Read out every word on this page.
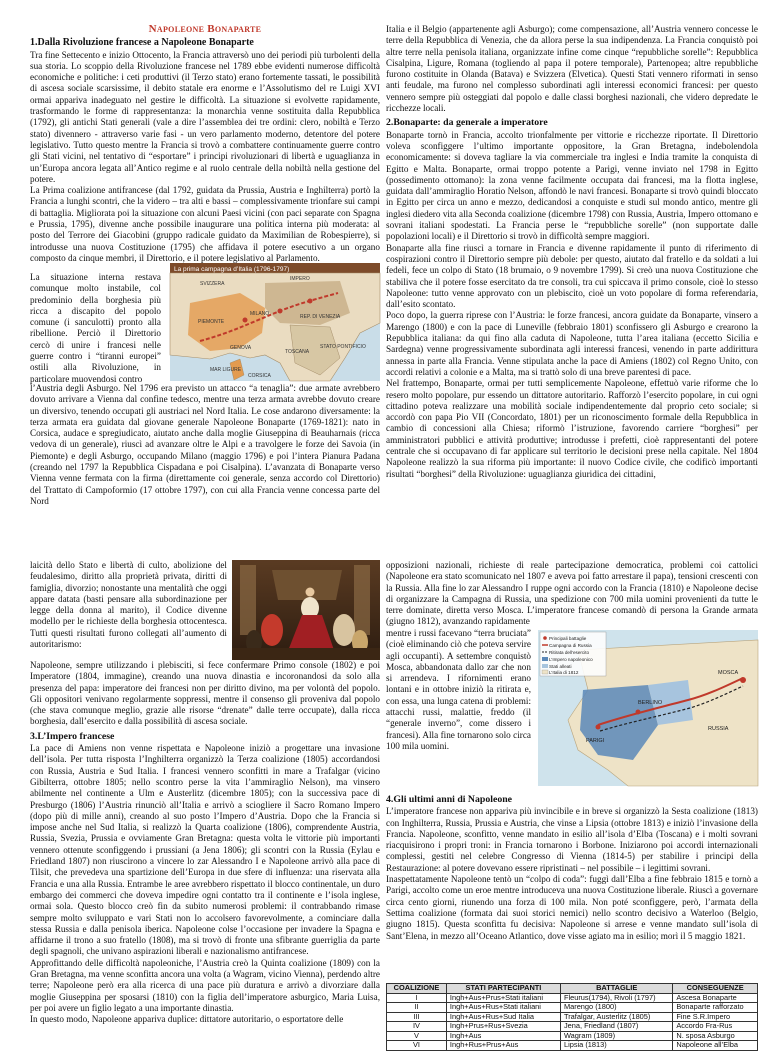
Napoleone Bonaparte
1.Dalla Rivoluzione francese a Napoleone Bonaparte

Tra fine Settecento e inizio Ottocento, la Francia attraversò uno dei periodi più turbolenti della sua storia. Lo scoppio della Rivoluzione francese nel 1789 ebbe evidenti numerose difficoltà economiche e politiche: i ceti produttivi (il Terzo stato) erano fortemente tassati, le possibilità di ascesa sociale scarsissime, il debito statale era enorme e l’Assolutismo del re Luigi XVI ormai appariva inadeguato nel gestire le difficoltà. La situazione si evolvette rapidamente, trasformando le forme di rappresentanza: la monarchia venne sostituita dalla Repubblica (1792), gli antichi Stati generali (vale a dire l’assemblea dei tre ordini: clero, nobiltà e Terzo stato) divennero - attraverso varie fasi - un vero parlamento moderno, detentore del potere legislativo. Tutto questo mentre la Francia si trovò a combattere continuamente guerre contro gli Stati vicini, nel tentativo di “esportare” i principi rivoluzionari di libertà e uguaglianza in un’Europa ancora legata all’Antico regime e al ruolo centrale della nobiltà nella gestione del potere.

La Prima coalizione antifrancese (dal 1792, guidata da Prussia, Austria e Inghilterra) portò la Francia a lunghi scontri, che la videro – tra alti e bassi – complessivamente trionfare sui campi di battaglia. Migliorata poi la situazione con alcuni Paesi vicini (con paci separate con Spagna e Prussia, 1795), divenne anche possibile inaugurare una politica interna più moderata: al posto del Terrore dei Giacobini (gruppo radicale guidato da Maximilian de Robespierre), si introdusse una nuova Costituzione (1795) che affidava il potere esecutivo a un organo composto da cinque membri, il Direttorio, e il potere legislativo al Parlamento.

La situazione interna restava comunque molto instabile, col predominio della borghesia più ricca a discapito del popolo comune (i sanculotti) pronto alla ribellione. Perciò il Direttorio cercò di unire i francesi nelle guerre contro i “tiranni europei” ostili alla Rivoluzione, in particolare muovendosi contro

La prima campagna d’Italia (1796-1797)
SVIZZERA
IMPERO
REP. DI VENEZIA
PIEMONTE
MILANO
GENOVA
MAR LIGURE
CORSICA
STATO PONTIFICIO
TOSCANA

l’Austria degli Asburgo. Nel 1796 era previsto un attacco “a tenaglia”: due armate avrebbero dovuto arrivare a Vienna dal confine tedesco, mentre una terza armata avrebbe dovuto creare un diversivo, tenendo occupati gli austriaci nel Nord Italia. Le cose andarono diversamente: la terza armata era guidata dal giovane generale Napoleone Bonaparte (1769-1821): nato in Corsica, audace e spregiudicato, aiutato anche dalla moglie Giuseppina di Beauharnais (ricca vedova di un generale), riuscì ad avanzare oltre le Alpi e a travolgere le forze dei Savoia (in Piemonte) e degli Asburgo, occupando Milano (maggio 1796) e poi l’intera Pianura Padana (creando nel 1797 la Repubblica Cispadana e poi Cisalpina). L’avanzata di Bonaparte verso Vienna venne fermata con la firma (direttamente coi generale, senza accordo col Direttorio) del Trattato di Campoformio (17 ottobre 1797), con cui alla Francia venne concessa parte del Nord

Italia e il Belgio (appartenente agli Asburgo); come compensazione, all’Austria vennero concesse le terre della Repubblica di Venezia, che da allora perse la sua indipendenza. La Francia conquistò poi altre terre nella penisola italiana, organizzate infine come cinque “repubbliche sorelle”: Repubblica Cisalpina, Ligure, Romana (togliendo al papa il potere temporale), Partenopea; altre repubbliche furono costituite in Olanda (Batava) e Svizzera (Elvetica). Questi Stati vennero riformati in senso anti feudale, ma furono nel complesso subordinati agli interessi economici francesi: per questo vennero sempre più osteggiati dal popolo e dalle classi borghesi nazionali, che videro depredate le ricchezze locali.

2.Bonaparte: da generale a imperatore

Bonaparte tornò in Francia, accolto trionfalmente per vittorie e ricchezze riportate. Il Direttorio voleva sconfiggere l’ultimo importante oppositore, la Gran Bretagna, indebolendola economicamente: si doveva tagliare la via commerciale tra inglesi e India tramite la conquista di Egitto e Malta. Bonaparte, ormai troppo potente a Parigi, venne inviato nel 1798 in Egitto (possedimento ottomano): la zona venne facilmente occupata dai francesi, ma la flotta inglese, guidata dall’ammiraglio Horatio Nelson, affondò le navi francesi. Bonaparte si trovò quindi bloccato in Egitto per circa un anno e mezzo, dedicandosi a conquiste e studi sul mondo antico, mentre gli inglesi diedero vita alla Seconda coalizione (dicembre 1798) con Russia, Austria, Impero ottomano e sovrani italiani spodestati. La Francia perse le “repubbliche sorelle” (non supportate dalle popolazioni locali) e il Direttorio si trovò in difficoltà sempre maggiori.

Bonaparte alla fine riuscì a tornare in Francia e divenne rapidamente il punto di riferimento di cospirazioni contro il Direttorio sempre più debole: per questo, aiutato dal fratello e da soldati a lui fedeli, fece un colpo di Stato (18 brumaio, o 9 novembre 1799). Si creò una nuova Costituzione che stabiliva che il potere fosse esercitato da tre consoli, tra cui spiccava il primo console, cioè lo stesso Napoleone: tutto venne approvato con un plebiscito, cioè un voto popolare di forma referendaria, dall’esito scontato.

Poco dopo, la guerra riprese con l’Austria: le forze francesi, ancora guidate da Bonaparte, vinsero a Marengo (1800) e con la pace di Luneville (febbraio 1801) sconfissero gli Asburgo e crearono la Repubblica italiana: da qui fino alla caduta di Napoleone, tutta l’area italiana (eccetto Sicilia e Sardegna) venne progressivamente subordinata agli interessi francesi, venendo in parte addirittura annessa in parte alla Francia. Venne stipulata anche la pace di Amiens (1802) col Regno Unito, con accordi relativi a colonie e a Malta, ma si trattò solo di una breve parentesi di pace.

Nel frattempo, Bonaparte, ormai per tutti semplicemente Napoleone, effettuò varie riforme che lo resero molto popolare, pur essendo un dittatore autoritario. Rafforzò l’esercito popolare, in cui ogni cittadino poteva realizzare una mobilità sociale indipendentemente dal proprio ceto sociale; si accordò con papa Pio VII (Concordato, 1801) per un riconoscimento formale della Repubblica in cambio di concessioni alla Chiesa; riformò l’istruzione, favorendo carriere “borghesi” per amministratori pubblici e attività produttive; introdusse i prefetti, cioè rappresentanti del potere centrale che si occupavano di far applicare sul territorio le decisioni prese nella capitale. Nel 1804 Napoleone realizzò la sua riforma più importante: il nuovo Codice civile, che codificò importanti risultati “borghesi” della Rivoluzione: uguaglianza giuridica dei cittadini,

laicità dello Stato e libertà di culto, abolizione del feudalesimo, diritto alla proprietà privata, diritti di famiglia, divorzio; nonostante una mentalità che oggi appare datata (basti pensare alla subordinazione per legge della donna al marito), il Codice divenne modello per le richieste della borghesia ottocentesca. Tutti questi risultati furono collegati all’aumento di autoritarismo:

Napoleone, sempre utilizzando i plebisciti, si fece confermare Primo console (1802) e poi Imperatore (1804, immagine), creando una nuova dinastia e incoronandosi da solo alla presenza del papa: imperatore dei francesi non per diritto divino, ma per volontà del popolo. Gli oppositori venivano regolarmente soppressi, mentre il consenso gli proveniva dal popolo (che stava comunque meglio, grazie alle risorse “drenate” dalle terre occupate), dalla ricca borghesia, dall’esercito e dalla possibilità di ascesa sociale.

3.L’Impero francese

La pace di Amiens non venne rispettata e Napoleone iniziò a progettare una invasione dell’isola. Per tutta risposta l’Inghilterra organizzò la Terza coalizione (1805) accordandosi con Russia, Austria e Sud Italia. I francesi vennero sconfitti in mare a Trafalgar (vicino Gibilterra, ottobre 1805; nello scontro perse la vita l’ammiraglio Nelson), ma vinsero abilmente nel continente a Ulm e Austerlitz (dicembre 1805); con la successiva pace di Presburgo (1806) l’Austria rinunciò all’Italia e arrivò a sciogliere il Sacro Romano Impero (dopo più di mille anni), creando al suo posto l’Impero d’Austria. Dopo che la Francia si impose anche nel Sud Italia, si realizzò la Quarta coalizione (1806), comprendente Austria, Russia, Svezia, Prussia e ovviamente Gran Bretagna: questa volta le vittorie più importanti vennero ottenute sconfiggendo i prussiani (a Jena 1806); gli scontri con la Russia (Eylau e Friedland 1807) non riuscirono a vincere lo zar Alessandro I e Napoleone arrivò alla pace di Tilsit, che prevedeva una spartizione dell’Europa in due sfere di influenza: una riservata alla Francia e una alla Russia. Entrambe le aree avrebbero rispettato il blocco continentale, un duro embargo dei commerci che doveva impedire ogni contatto tra il continente e l’isola inglese, ormai sola. Questo blocco creò fin da subito numerosi problemi: il contrabbando rimase sempre molto sviluppato e vari Stati non lo accolsero favorevolmente, a cominciare dalla stessa Russia e dalla penisola iberica. Napoleone colse l’occasione per invadere la Spagna e affidarne il trono a suo fratello (1808), ma si trovò di fronte una sfibrante guerriglia da parte degli spagnoli, che univano aspirazioni liberali e nazionalismo antifrancese.

Approfittando delle difficoltà napoleoniche, l’Austria creò la Quinta coalizione (1809) con la Gran Bretagna, ma venne sconfitta ancora una volta (a Wagram, vicino Vienna), perdendo altre terre; Napoleone però era alla ricerca di una pace più duratura e arrivò a divorziare dalla moglie Giuseppina per sposarsi (1810) con la figlia dell’imperatore asburgico, Maria Luisa, per poi avere un figlio legato a una importante dinastia.

In questo modo, Napoleone appariva duplice: dittatore autoritario, o esportatore delle

opposizioni nazionali, richieste di reale partecipazione democratica, problemi coi cattolici (Napoleone era stato scomunicato nel 1807 e aveva poi fatto arrestare il papa), tensioni crescenti con la Russia. Alla fine lo zar Alessandro I ruppe ogni accordo con la Francia (1810) e Napoleone decise di organizzare la Campagna di Russia, una spedizione con 700 mila uomini provenienti da tutte le terre dominate, diretta verso Mosca. L’imperatore francese comandò di persona la Grande armata (giugno 1812), avanzando rapidamente

mentre i russi facevano “terra bruciata” (cioè eliminando ciò che poteva servire agli occupanti). A settembre conquistò Mosca, abbandonata dallo zar che non si arrendeva. I rifornimenti erano lontani e in ottobre iniziò la ritirata e, con essa, una lunga catena di problemi: attacchi russi, malattie, freddo (il “generale inverno”, come dissero i francesi). Alla fine tornarono solo circa 100 mila uomini.

MOSCA
RUSSIA
PARIGI
BERLINO
Principali battaglie
Campagna di Russia
Ritirata dell’esercito
L’Impero napoleonico
Stati alleati
L’Italia di 1812
4.Gli ultimi anni di Napoleone

L’imperatore francese non appariva più invincibile e in breve si organizzò la Sesta coalizione (1813) con Inghilterra, Russia, Prussia e Austria, che vinse a Lipsia (ottobre 1813) e iniziò l’invasione della Francia. Napoleone, sconfitto, venne mandato in esilio all’isola d’Elba (Toscana) e i molti sovrani riacquisirono i propri troni: in Francia tornarono i Borbone. Iniziarono poi accordi internazionali complessi, gestiti nel celebre Congresso di Vienna (1814-5) per stabilire i principi della Restaurazione: al potere dovevano essere ripristinati – nel possibile – i legittimi sovrani.

Inaspettatamente Napoleone tentò un “colpo di coda”: fuggì dall’Elba a fine febbraio 1815 e tornò a Parigi, accolto come un eroe mentre introduceva una nuova Costituzione liberale. Riuscì a governare circa cento giorni, riunendo una forza di 100 mila. Non poté sconfiggere, però, l’armata della Settima coalizione (formata dai suoi storici nemici) nello scontro decisivo a Waterloo (Belgio, giugno 1815). Questa sconfitta fu decisiva: Napoleone si arrese e venne mandato sull’isola di Sant’Elena, in mezzo all’Oceano Atlantico, dove visse agiato ma in esilio; morì il 5 maggio 1821.

COALIZIONE	STATI PARTECIPANTI	BATTAGLIE	CONSEGUENZE
I	Ingh+Aus+Prus+Stati italiani	Fleurus(1794), Rivoli (1797)	Ascesa Bonaparte
II	Ingh+Aus+Rus+Stati italiani	Marengo (1800)	Bonaparte rafforzato
III	Ingh+Aus+Rus+Sud Italia	Trafalgar, Austerlitz (1805)	Fine S.R.Impero
IV	Ingh+Prus+Rus+Svezia	Jena, Friedland (1807)	Accordo Fra-Rus
V	Ingh+Aus	Wagram (1809)	N. sposa Asburgo
VI	Ingh+Rus+Prus+Aus	Lipsia (1813)	Napoleone all’Elba
